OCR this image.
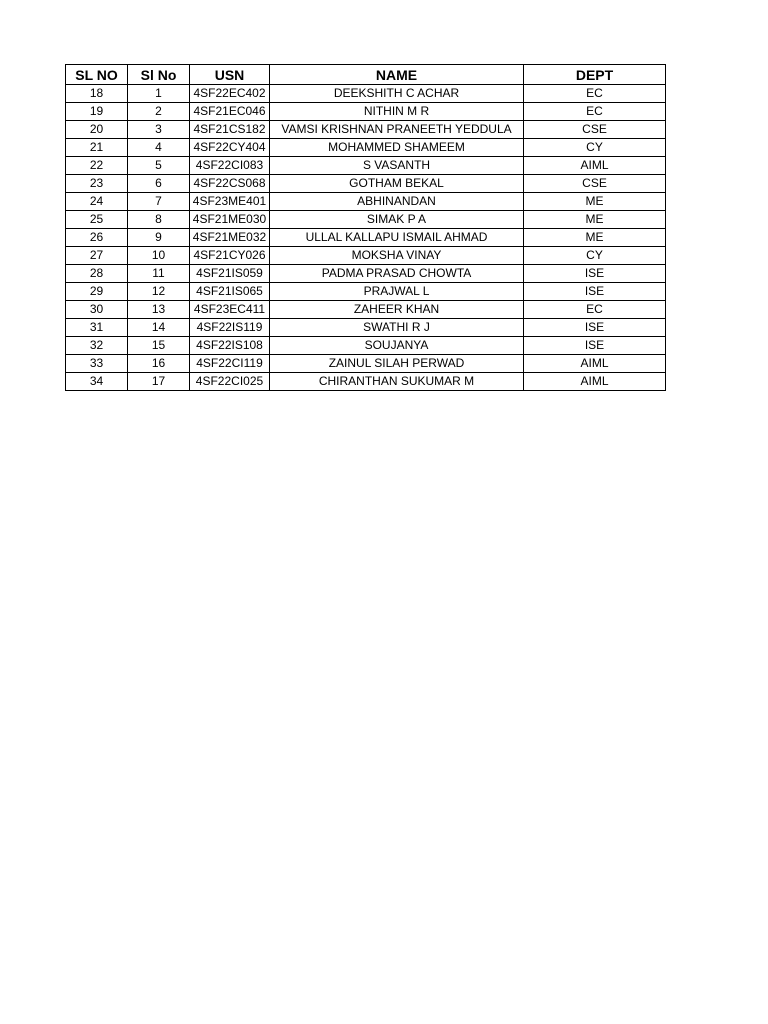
SL NO	Sl No	USN	NAME	DEPT
18	1	4SF22EC402	DEEKSHITH C ACHAR	EC
19	2	4SF21EC046	NITHIN M R	EC
20	3	4SF21CS182	VAMSI KRISHNAN PRANEETH YEDDULA	CSE
21	4	4SF22CY404	MOHAMMED SHAMEEM	CY
22	5	4SF22CI083	S VASANTH	AIML
23	6	4SF22CS068	GOTHAM BEKAL	CSE
24	7	4SF23ME401	ABHINANDAN	ME
25	8	4SF21ME030	SIMAK P A	ME
26	9	4SF21ME032	ULLAL KALLAPU ISMAIL AHMAD	ME
27	10	4SF21CY026	MOKSHA VINAY	CY
28	11	4SF21IS059	PADMA PRASAD CHOWTA	ISE
29	12	4SF21IS065	PRAJWAL L	ISE
30	13	4SF23EC411	ZAHEER KHAN	EC
31	14	4SF22IS119	SWATHI R J	ISE
32	15	4SF22IS108	SOUJANYA	ISE
33	16	4SF22CI119	ZAINUL SILAH PERWAD	AIML
34	17	4SF22CI025	CHIRANTHAN SUKUMAR M	AIML
